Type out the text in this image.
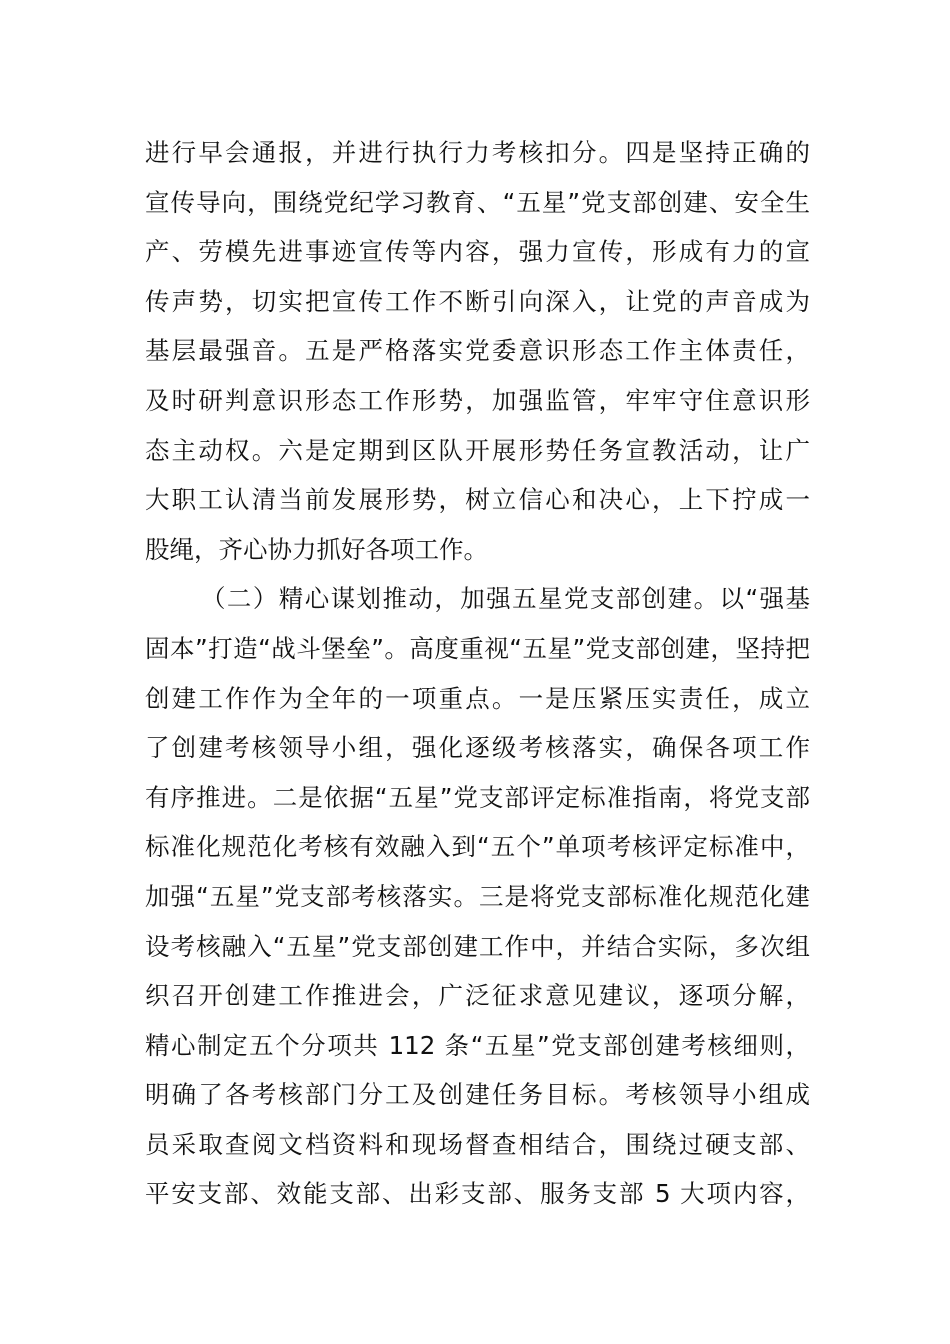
进行早会通报，并进行执行力考核扣分。四是坚持正确的
宣传导向，围绕党纪学习教育、“五星”党支部创建、安全生
产、劳模先进事迹宣传等内容，强力宣传，形成有力的宣
传声势，切实把宣传工作不断引向深入，让党的声音成为
基层最强音。五是严格落实党委意识形态工作主体责任，
及时研判意识形态工作形势，加强监管，牢牢守住意识形
态主动权。六是定期到区队开展形势任务宣教活动，让广
大职工认清当前发展形势，树立信心和决心，上下拧成一
股绳，齐心协力抓好各项工作。
（二）精心谋划推动，加强五星党支部创建。以“强基
固本”打造“战斗堡垒”。高度重视“五星”党支部创建，坚持把
创建工作作为全年的一项重点。一是压紧压实责任，成立
了创建考核领导小组，强化逐级考核落实，确保各项工作
有序推进。二是依据“五星”党支部评定标准指南，将党支部
标准化规范化考核有效融入到“五个”单项考核评定标准中，
加强“五星”党支部考核落实。三是将党支部标准化规范化建
设考核融入“五星”党支部创建工作中，并结合实际，多次组
织召开创建工作推进会，广泛征求意见建议，逐项分解，
精心制定五个分项共 112 条“五星”党支部创建考核细则，
明确了各考核部门分工及创建任务目标。考核领导小组成
员采取查阅文档资料和现场督查相结合，围绕过硬支部、
平安支部、效能支部、出彩支部、服务支部 5 大项内容，
